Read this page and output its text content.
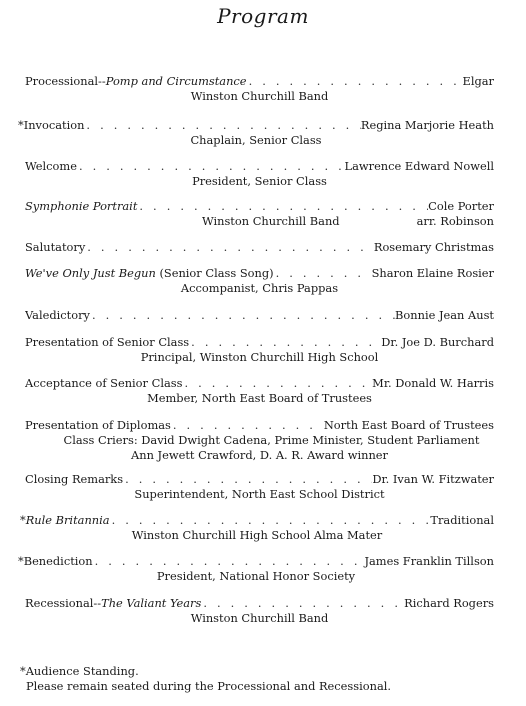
Program
Processional--Pomp and Circumstance . . .	Elgar
Winston Churchill Band
*Invocation . . .	Regina Marjorie Heath
Chaplain, Senior Class
Welcome . . .	Lawrence Edward Nowell
President, Senior Class
Symphonie Portrait . . .	Cole Porter
Winston Churchill Band	arr. Robinson
Salutatory . . .	Rosemary Christmas
We've Only Just Begun (Senior Class Song) . . .	Sharon Elaine Rosier
Accompanist, Chris Pappas
Valedictory . . .	Bonnie Jean Aust
Presentation of Senior Class . . .	Dr. Joe D. Burchard
Principal, Winston Churchill High School
Acceptance of Senior Class . . .	Mr. Donald W. Harris
Member, North East Board of Trustees
Presentation of Diplomas . . .	North East Board of Trustees
Class Criers: David Dwight Cadena, Prime Minister, Student Parliament
Ann Jewett Crawford, D. A. R. Award winner
Closing Remarks . . .	Dr. Ivan W. Fitzwater
Superintendent, North East School District
*Rule Britannia . . .	Traditional
Winston Churchill High School Alma Mater
*Benediction . . .	James Franklin Tillson
President, National Honor Society
Recessional--The Valiant Years . . .	Richard Rogers
Winston Churchill Band
*Audience Standing.
Please remain seated during the Processional and Recessional.
